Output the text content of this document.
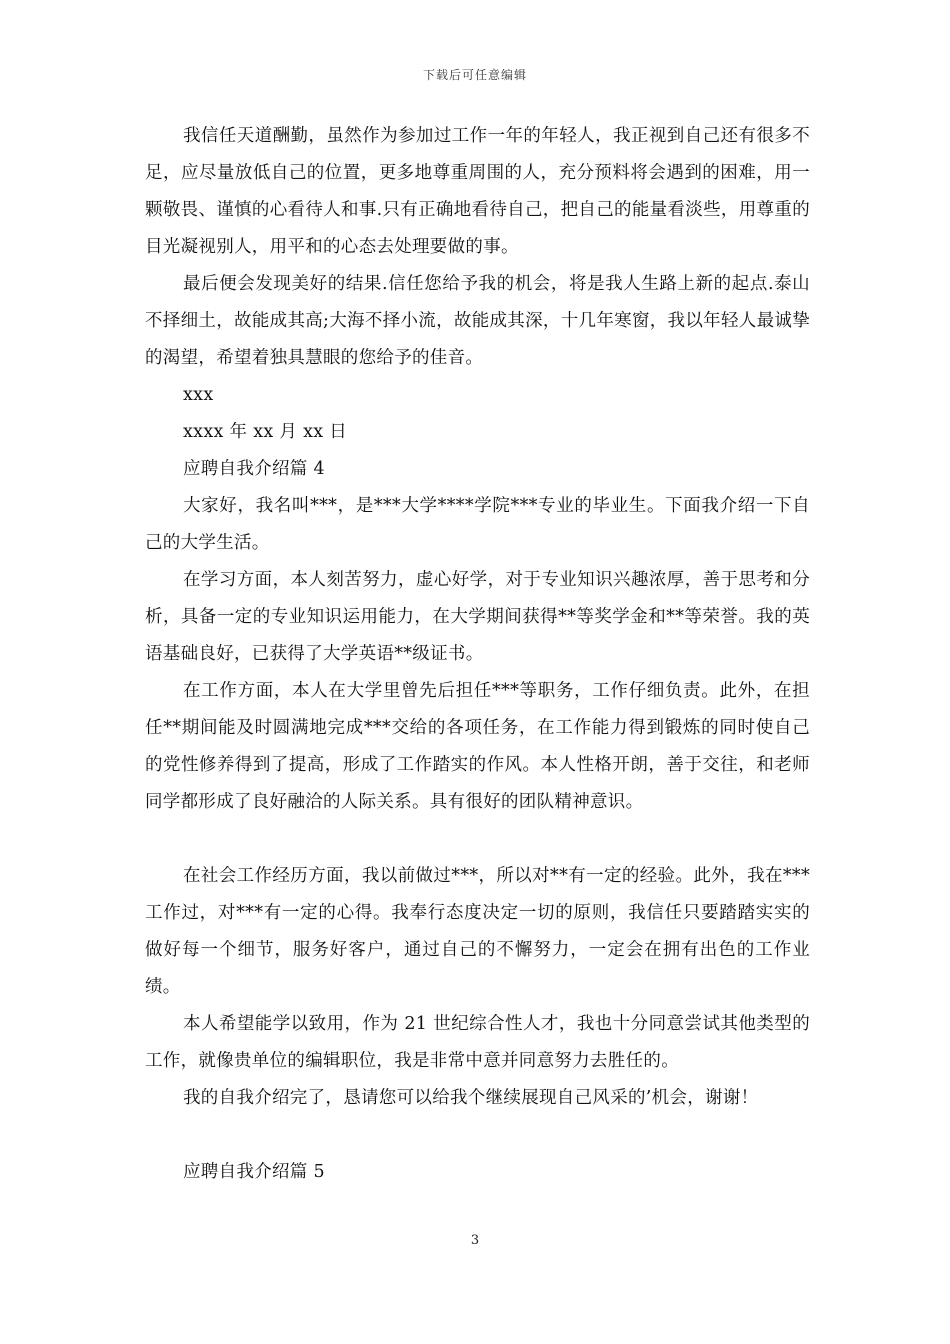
下载后可任意编辑

我信任天道酬勤，虽然作为参加过工作一年的年轻人，我正视到自己还有很多不足，应尽量放低自己的位置，更多地尊重周围的人，充分预料将会遇到的困难，用一颗敬畏、谨慎的心看待人和事.只有正确地看待自己，把自己的能量看淡些，用尊重的目光凝视别人，用平和的心态去处理要做的事。

最后便会发现美好的结果.信任您给予我的机会，将是我人生路上新的起点.泰山不择细土，故能成其高;大海不择小流，故能成其深，十几年寒窗，我以年轻人最诚挚的渴望，希望着独具慧眼的您给予的佳音。

xxx

xxxx 年 xx 月 xx 日

应聘自我介绍篇 4

大家好，我名叫***，是***大学****学院***专业的毕业生。下面我介绍一下自己的大学生活。

在学习方面，本人刻苦努力，虚心好学，对于专业知识兴趣浓厚，善于思考和分析，具备一定的专业知识运用能力，在大学期间获得**等奖学金和**等荣誉。我的英语基础良好，已获得了大学英语**级证书。

在工作方面，本人在大学里曾先后担任***等职务，工作仔细负责。此外，在担任**期间能及时圆满地完成***交给的各项任务，在工作能力得到锻炼的同时使自己的党性修养得到了提高，形成了工作踏实的作风。本人性格开朗，善于交往，和老师同学都形成了良好融洽的人际关系。具有很好的团队精神意识。

在社会工作经历方面，我以前做过***，所以对**有一定的经验。此外，我在***工作过，对***有一定的心得。我奉行态度决定一切的原则，我信任只要踏踏实实的做好每一个细节，服务好客户，通过自己的不懈努力，一定会在拥有出色的工作业绩。

本人希望能学以致用，作为 21 世纪综合性人才，我也十分同意尝试其他类型的工作，就像贵单位的编辑职位，我是非常中意并同意努力去胜任的。

我的自我介绍完了，恳请您可以给我个继续展现自己风采的’机会，谢谢！

应聘自我介绍篇 5

3
